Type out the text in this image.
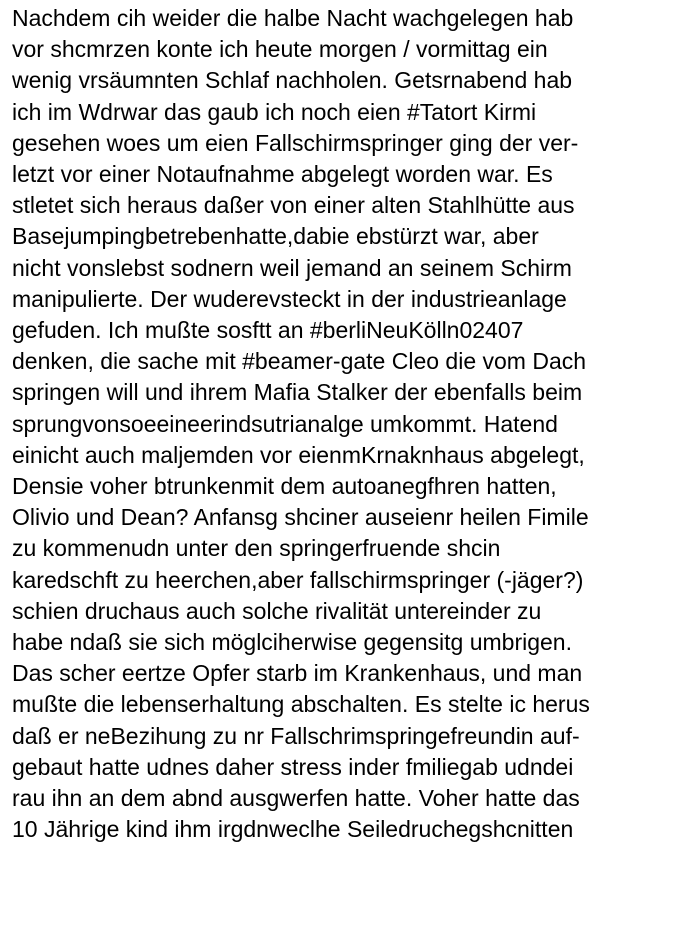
Nachdem cih weider die halbe Nacht wachgelegen hab
vor shcmrzen konte ich heute morgen / vormittag ein
wenig vrsäumnten Schlaf nachholen. Getsrnabend hab
ich im Wdrwar das gaub ich noch eien #Tatort Kirmi
gesehen woes um eien Fallschirmspringer ging der ver-
letzt vor einer Notaufnahme abgelegt worden war. Es
stletet sich heraus daßer von einer alten Stahlhütte aus
Basejumpingbetrebenhatte,dabie ebstürzt war, aber
nicht vonslebst sodnern weil jemand an seinem Schirm
manipulierte. Der wuderevsteckt in der industrieanlage
gefuden. Ich mußte sosftt an #berliNeuKölln02407
denken, die sache mit #beamer-gate Cleo die vom Dach
springen will und ihrem Mafia Stalker der ebenfalls beim
sprungvonsoeeineerindsutrianalge umkommt. Hatend
einicht auch maljemden vor eienmKrnaknhaus abgelegt,
Densie voher btrunkenmit dem autoanegfhren hatten,
Olivio und Dean? Anfansg shciner auseienr heilen Fimile
zu kommenudn unter den springerfruende shcin
karedschft zu heerchen,aber fallschirmspringer (-jäger?)
schien druchaus auch solche rivalität untereinder zu
habe ndaß sie sich möglciherwise gegensitg umbrigen.
Das scher eertze Opfer starb im Krankenhaus, und man
mußte die lebenserhaltung abschalten. Es stelte ic herus
daß er neBezihung zu nr Fallschrimspringefreundin auf-
gebaut hatte udnes daher stress inder fmiliegab udndei
rau ihn an dem abnd ausgwerfen hatte. Voher hatte das
10 Jährige kind ihm irgdnweclhe Seiledruchegshcnitten
